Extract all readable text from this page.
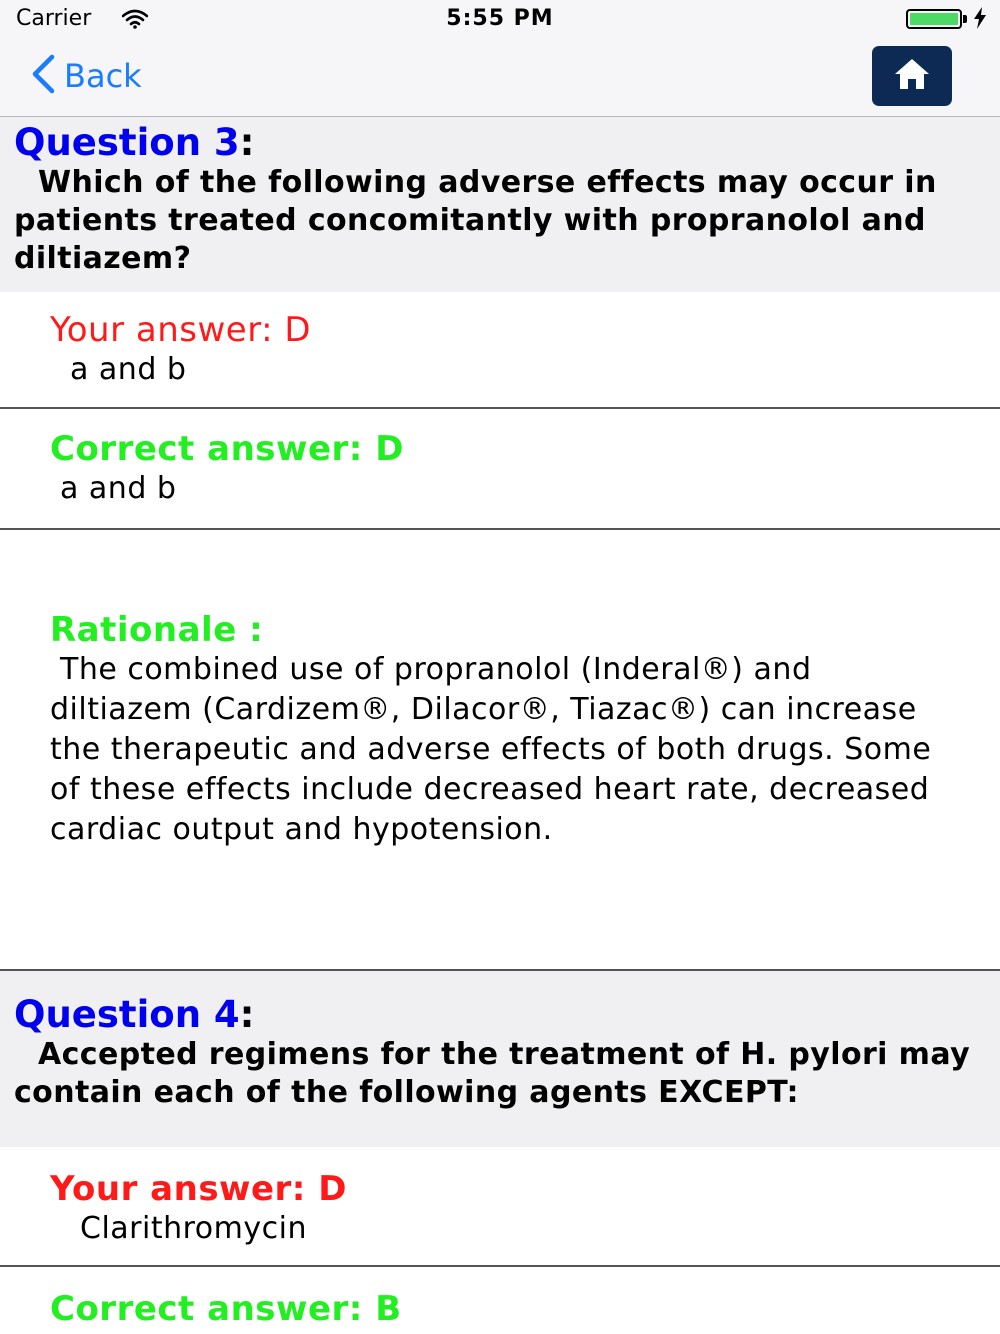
Carrier	5:55 PM
Back
Question 3:
Which of the following adverse effects may occur in patients treated concomitantly with propranolol and diltiazem?
Your answer: D
a and b
Correct answer: D
a and b
Rationale :
The combined use of propranolol (Inderal®) and diltiazem (Cardizem®, Dilacor®, Tiazac®) can increase the therapeutic and adverse effects of both drugs. Some of these effects include decreased heart rate, decreased cardiac output and hypotension.
Question 4:
Accepted regimens for the treatment of H. pylori may contain each of the following agents EXCEPT:
Your answer: D
Clarithromycin
Correct answer: B
